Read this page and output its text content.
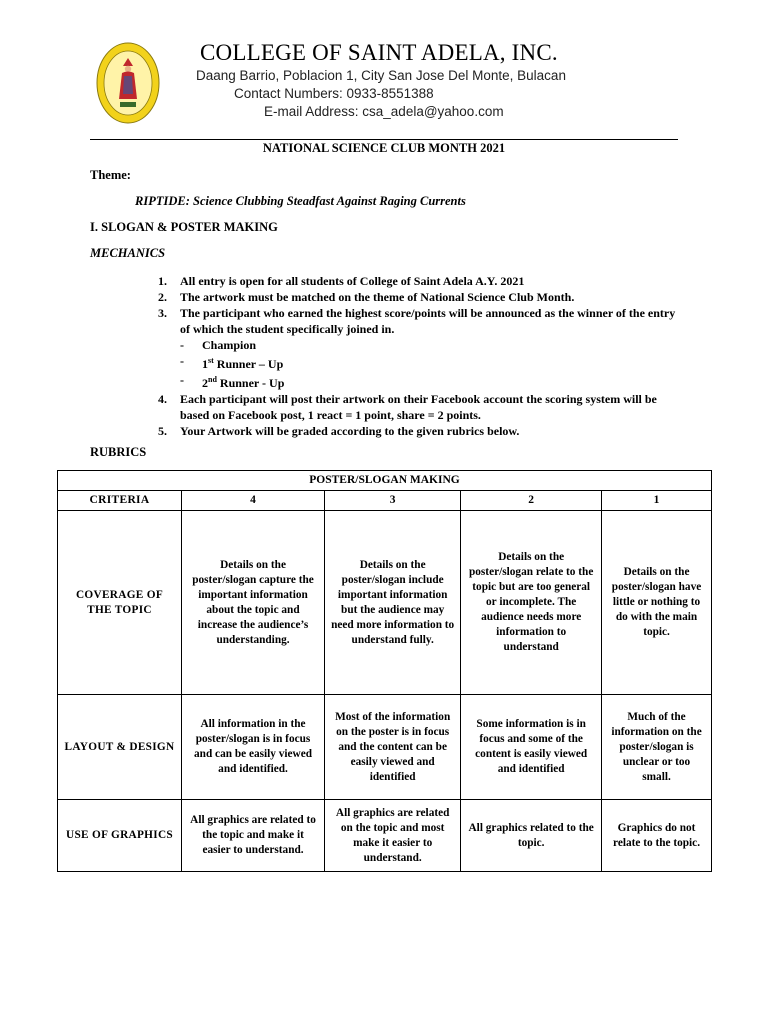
COLLEGE OF SAINT ADELA, INC.
Daang Barrio, Poblacion 1, City San Jose Del Monte, Bulacan
Contact Numbers: 0933-8551388
E-mail Address: csa_adela@yahoo.com
NATIONAL SCIENCE CLUB MONTH 2021
Theme:
RIPTIDE: Science Clubbing Steadfast Against Raging Currents
I. SLOGAN & POSTER MAKING
MECHANICS
1. All entry is open for all students of College of Saint Adela A.Y. 2021
2. The artwork must be matched on the theme of National Science Club Month.
3. The participant who earned the highest score/points will be announced as the winner of the entry of which the student specifically joined in.
- Champion
- 1st Runner – Up
- 2nd Runner - Up
4. Each participant will post their artwork on their Facebook account the scoring system will be based on Facebook post, 1 react = 1 point, share = 2 points.
5. Your Artwork will be graded according to the given rubrics below.
RUBRICS
POSTER/SLOGAN MAKING				
CRITERIA	4	3	2	1
COVERAGE OF THE TOPIC	Details on the poster/slogan capture the important information about the topic and increase the audience’s understanding.	Details on the poster/slogan include important information but the audience may need more information to understand fully.	Details on the poster/slogan relate to the topic but are too general or incomplete. The audience needs more information to understand	Details on the poster/slogan have little or nothing to do with the main topic.
LAYOUT & DESIGN	All information in the poster/slogan is in focus and can be easily viewed and identified.	Most of the information on the poster is in focus and the content can be easily viewed and identified	Some information is in focus and some of the content is easily viewed and identified	Much of the information on the poster/slogan is unclear or too small.
USE OF GRAPHICS	All graphics are related to the topic and make it easier to understand.	All graphics are related on the topic and most make it easier to understand.	All graphics related to the topic.	Graphics do not relate to the topic.
